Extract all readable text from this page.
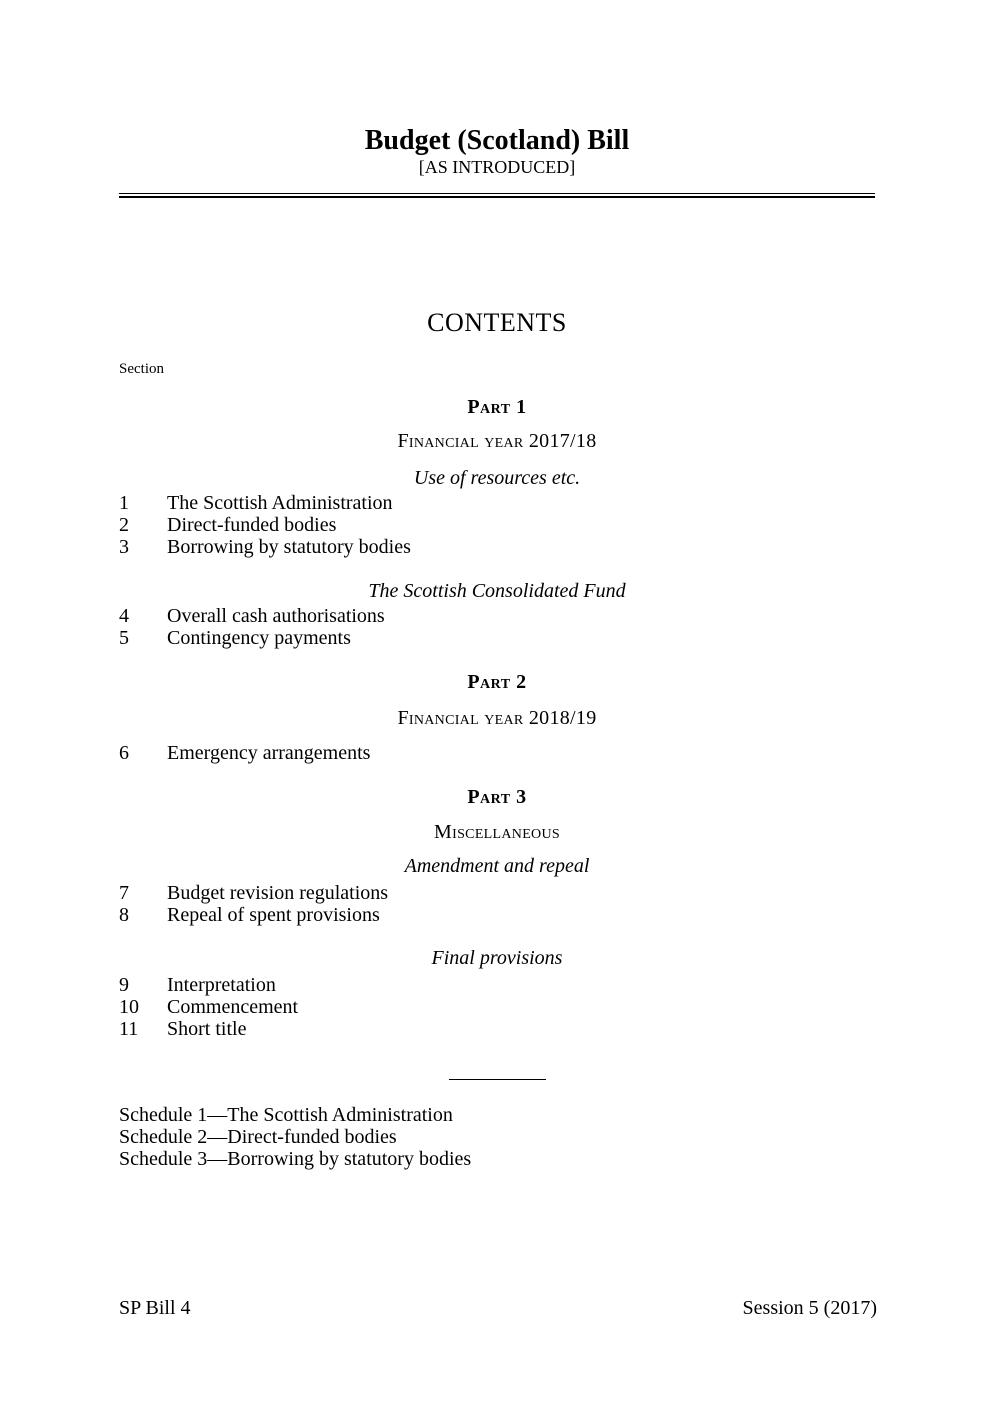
Budget (Scotland) Bill
[AS INTRODUCED]
CONTENTS
Section
Part 1
Financial year 2017/18
Use of resources etc.
1	The Scottish Administration
2	Direct-funded bodies
3	Borrowing by statutory bodies
The Scottish Consolidated Fund
4	Overall cash authorisations
5	Contingency payments
Part 2
Financial year 2018/19
6	Emergency arrangements
Part 3
Miscellaneous
Amendment and repeal
7	Budget revision regulations
8	Repeal of spent provisions
Final provisions
9	Interpretation
10	Commencement
11	Short title
Schedule 1—The Scottish Administration
Schedule 2—Direct-funded bodies
Schedule 3—Borrowing by statutory bodies
SP Bill 4	Session 5 (2017)
